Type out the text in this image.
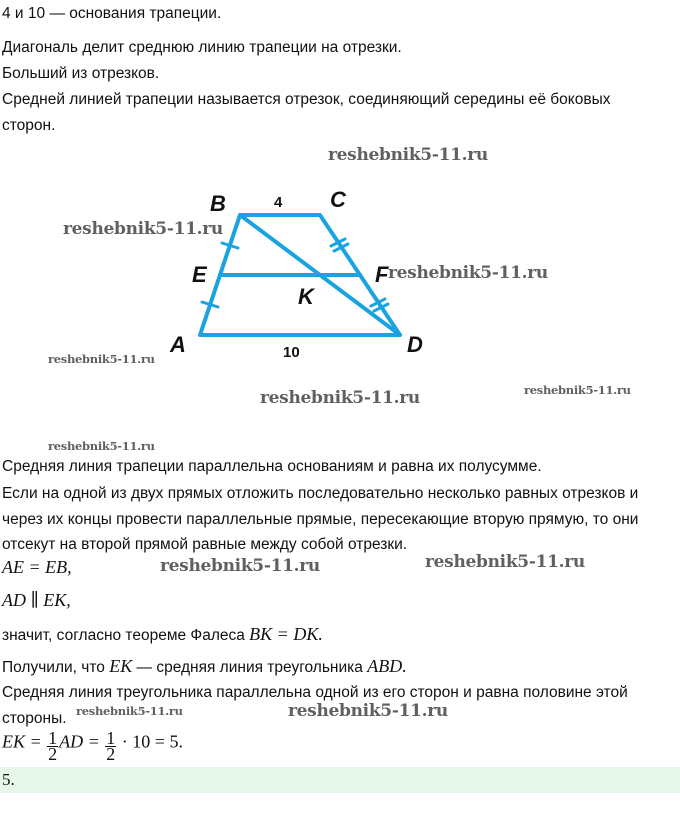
4 и 10 — основания трапеции.
Диагональ делит среднюю линию трапеции на отрезки.
Больший из отрезков.
Средней линией трапеции называется отрезок, соединяющий середины её боковых
сторон.
B	C
E	F
K
A	D
4
10
Средняя линия трапеции параллельна основаниям и равна их полусумме.
Если на одной из двух прямых отложить последовательно несколько равных отрезков и
через их концы провести параллельные прямые, пересекающие вторую прямую, то они
отсекут на второй прямой равные между собой отрезки.
AE = EB,
AD ∥ EK,
значит, согласно теореме Фалеса BK = DK.
Получили, что EK — средняя линия треугольника ABD.
Средняя линия треугольника параллельна одной из его сторон и равна половине этой
стороны.
EK = $\frac{1}{2}$ AD = $\frac{1}{2} \cdot 10 = 5$.
5.
reshebnik5-11.ru
reshebnik5-11.ru
reshebnik5-11.ru
reshebnik5-11.ru
reshebnik5-11.ru	reshebnik5-11.ru
reshebnik5-11.ru
reshebnik5-11.ru	reshebnik5-11.ru
reshebnik5-11.ru	reshebnik5-11.ru
